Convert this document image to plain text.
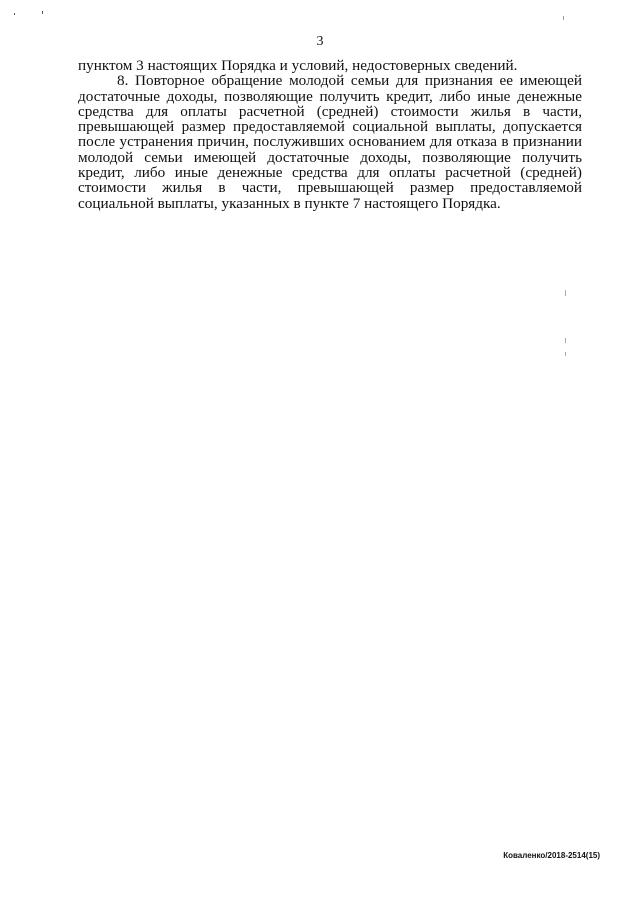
3

пунктом 3 настоящих Порядка и условий, недостоверных сведений.

8. Повторное обращение молодой семьи для признания ее имеющей достаточные доходы, позволяющие получить кредит, либо иные денежные средства для оплаты расчетной (средней) стоимости жилья в части, превышающей размер предоставляемой социальной выплаты, допускается после устранения причин, послуживших основанием для отказа в признании молодой семьи имеющей достаточные доходы, позволяющие получить кредит, либо иные денежные средства для оплаты расчетной (средней) стоимости жилья в части, превышающей размер предоставляемой социальной выплаты, указанных в пункте 7 настоящего Порядка.

Коваленко/2018-2514(15)
